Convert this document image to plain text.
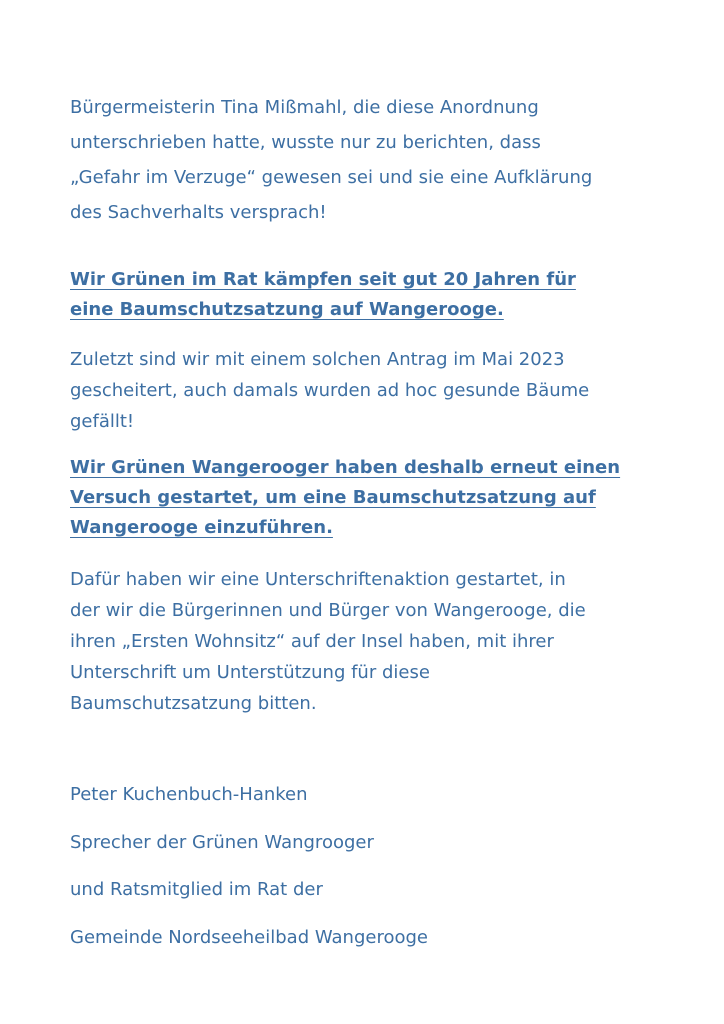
Bürgermeisterin Tina Mißmahl, die diese Anordnung
unterschrieben hatte, wusste nur zu berichten, dass
„Gefahr im Verzuge“ gewesen sei und sie eine Aufklärung
des Sachverhalts versprach!

Wir Grünen im Rat kämpfen seit gut 20 Jahren für
eine Baumschutzsatzung auf Wangerooge.

Zuletzt sind wir mit einem solchen Antrag im Mai 2023
gescheitert, auch damals wurden ad hoc gesunde Bäume
gefällt!

Wir Grünen Wangerooger haben deshalb erneut einen
Versuch gestartet, um eine Baumschutzsatzung auf
Wangerooge einzuführen.

Dafür haben wir eine Unterschriftenaktion gestartet, in
der wir die Bürgerinnen und Bürger von Wangerooge, die
ihren „Ersten Wohnsitz“ auf der Insel haben, mit ihrer
Unterschrift um Unterstützung für diese
Baumschutzsatzung bitten.

Peter Kuchenbuch-Hanken

Sprecher der Grünen Wangrooger

und Ratsmitglied im Rat der

Gemeinde Nordseeheilbad Wangerooge
